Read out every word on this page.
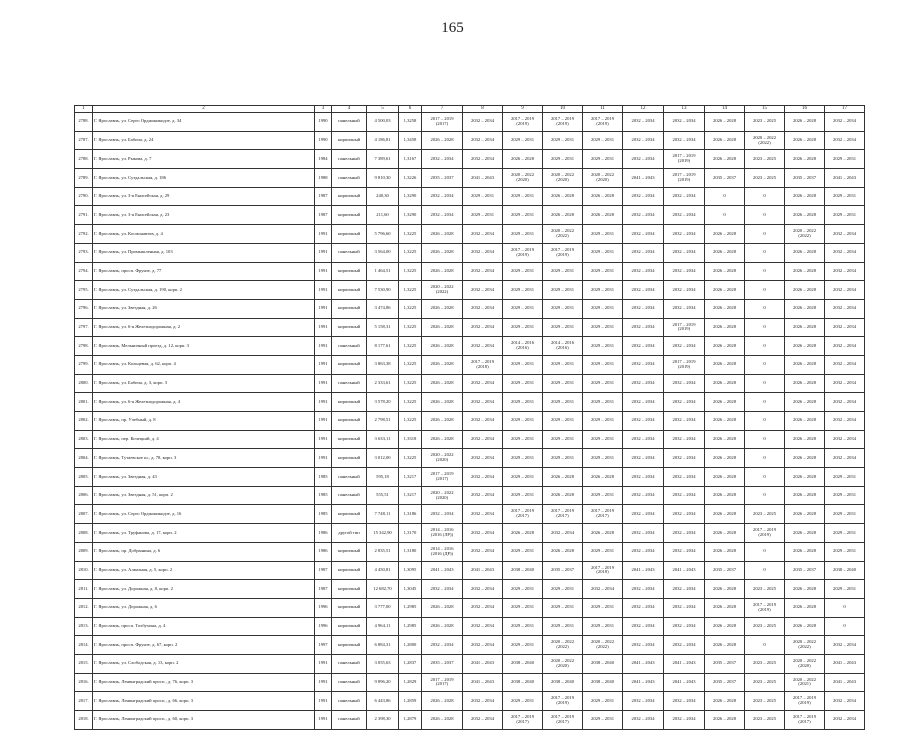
165
1	2	3	4	5	6	7	8	9	10	11	12	13	14	15	16	17
2788.	Г. Ярославль, ул. Серго Орджоникидзе, д. 34	1990	панельный	4 500,03	1,3258	2017 – 2019
(2017)	2032 – 2034	2017 – 2019
(2019)	2017 – 2019
(2019)	2017 – 2019
(2019)	2032 – 2034	2032 – 2034	2026 – 2028	2023 – 2025	2026 – 2028	2032 – 2034
2787.	Г. Ярославль, ул. Бабича, д. 24	1990	кирпичный	4 186,81	1,3458	2026 – 2028	2032 – 2034	2029 – 2031	2029 – 2031	2029 – 2031	2032 – 2034	2032 – 2034	2026 – 2028	2020 – 2022
(2022)	2026 – 2028	2032 – 2034
2788.	Г. Ярославль, ул. Рыкова, д. 7	1984	панельный	7 389,61	1,3167	2032 – 2034	2032 – 2034	2026 – 2028	2029 – 2031	2029 – 2031	2032 – 2034	2017 – 2019
(2019)	2026 – 2028	2023 – 2025	2026 – 2028	2029 – 2031
2789.	Г. Ярославль, ул. Суздальская, д. 186	1988	панельный	9 810,30	1,3226	2035 – 2037	2041 – 2043	2020 – 2022
(2020)	2020 – 2022
(2020)	2020 – 2022
(2020)	2041 – 2043	2017 – 2019
(2019)	2035 – 2037	2023 – 2025	2035 – 2037	2041 – 2043
2790.	Г. Ярославль, ул. 3-я Енисейская, д. 29	1987	кирпичный	240,30	1,3290	2032 – 2034	2029 – 2031	2029 – 2031	2026 – 2028	2026 – 2028	2032 – 2034	2032 – 2034	0	0	2026 – 2028	2029 – 2031
2791.	Г. Ярославль, ул. 3-я Енисейская, д. 23	1987	кирпичный	211,60	1,3290	2032 – 2034	2029 – 2031	2029 – 2031	2026 – 2028	2026 – 2028	2032 – 2034	2032 – 2034	0	0	2026 – 2028	2029 – 2031
2792.	Г. Ярославль, ул. Космонавтов, д. 4	1991	кирпичный	5 796,60	1,3225	2026 – 2028	2032 – 2034	2029 – 2031	2020 – 2022
(2022)	2029 – 2031	2032 – 2034	2032 – 2034	2026 – 2028	0	2020 – 2022
(2022)	2032 – 2034
2793.	Г. Ярославль, ул. Промышленная, д. 103	1991	панельный	3 564,00	1,3225	2026 – 2028	2032 – 2034	2017 – 2019
(2019)	2017 – 2019
(2019)	2029 – 2031	2032 – 2034	2032 – 2034	2026 – 2028	0	2026 – 2028	2032 – 2034
2794.	Г. Ярославль, просп. Фрунзе, д. 77	1991	кирпичный	1 464,51	1,3225	2026 – 2028	2032 – 2034	2029 – 2031	2029 – 2031	2029 – 2031	2032 – 2034	2032 – 2034	2026 – 2028	0	2026 – 2028	2032 – 2034
2795.	Г. Ярославль, ул. Суздальская, д. 190, корп. 2	1991	кирпичный	7 530,90	1,3225	2020 – 2022
(2022)	2032 – 2034	2029 – 2031	2029 – 2031	2029 – 2031	2032 – 2034	2032 – 2034	2026 – 2028	0	2026 – 2028	2032 – 2034
2796.	Г. Ярославль, ул. Звездная, д. 26	1991	кирпичный	3 474,86	1,3225	2026 – 2028	2032 – 2034	2029 – 2031	2029 – 2031	2029 – 2031	2032 – 2034	2032 – 2034	2026 – 2028	0	2026 – 2028	2032 – 2034
2797.	Г. Ярославль, ул. 6-я Железнодорожная, д. 2	1991	кирпичный	5 158,31	1,3225	2026 – 2028	2032 – 2034	2029 – 2031	2029 – 2031	2029 – 2031	2032 – 2034	2017 – 2019
(2019)	2026 – 2028	0	2026 – 2028	2032 – 2034
2798.	Г. Ярославль, Мельничный проезд, д. 12, корп. 3	1991	панельный	8 177,61	1,3225	2026 – 2028	2032 – 2034	2014 – 2016
(2016)	2014 – 2016
(2016)	2029 – 2031	2032 – 2034	2032 – 2034	2026 – 2028	0	2026 – 2028	2032 – 2034
2799.	Г. Ярославль, ул. Кольцевая, д. 62, корп. 4	1991	кирпичный	3 863,38	1,3225	2026 – 2028	2017 – 2019
(2018)	2029 – 2031	2029 – 2031	2029 – 2031	2032 – 2034	2017 – 2019
(2019)	2026 – 2028	0	2026 – 2028	2032 – 2034
2800.	Г. Ярославль, ул. Бабича, д. 3, корп. 3	1991	панельный	2 333,61	1,3225	2026 – 2028	2032 – 2034	2029 – 2031	2029 – 2031	2029 – 2031	2032 – 2034	2032 – 2034	2026 – 2028	0	2026 – 2028	2032 – 2034
2801.	Г. Ярославль, ул. 6-я Железнодорожная, д. 4	1991	кирпичный	3 578,20	1,3225	2026 – 2028	2032 – 2034	2029 – 2031	2029 – 2031	2029 – 2031	2032 – 2034	2032 – 2034	2026 – 2028	0	2026 – 2028	2032 – 2034
2802.	Г. Ярославль, пр. Учебный, д. 8	1991	кирпичный	2 798,51	1,3225	2026 – 2028	2032 – 2034	2029 – 2031	2029 – 2031	2029 – 2031	2032 – 2034	2032 – 2034	2026 – 2028	0	2026 – 2028	2032 – 2034
2803.	Г. Ярославль, пер. Кочецкий, д. 4	1991	кирпичный	3 633,11	1,3318	2026 – 2028	2032 – 2034	2029 – 2031	2029 – 2031	2029 – 2031	2032 – 2034	2032 – 2034	2026 – 2028	0	2026 – 2028	2032 – 2034
2804.	Г. Ярославль, Тутаевское ш., д. 78, корп. 3	1991	кирпичный	3 012,00	1,3225	2020 – 2022
(2020)	2032 – 2034	2029 – 2031	2029 – 2031	2029 – 2031	2032 – 2034	2032 – 2034	2026 – 2028	0	2026 – 2028	2032 – 2034
2805.	Г. Ярославль, ул. Звездная, д. 43	1985	панельный	595,18	1,3217	2017 – 2019
(2017)	2032 – 2034	2029 – 2031	2026 – 2028	2026 – 2028	2032 – 2034	2032 – 2034	2026 – 2028	0	2026 – 2028	2029 – 2031
2806.	Г. Ярославль, ул. Звездная, д. 51, корп. 2	1985	панельный	555,51	1,3217	2020 – 2022
(2020)	2032 – 2034	2029 – 2031	2026 – 2028	2029 – 2031	2032 – 2034	2032 – 2034	2026 – 2028	0	2026 – 2028	2029 – 2031
2807.	Г. Ярославль, ул. Серго Орджоникидзе, д. 16	1985	кирпичный	7 748,11	1,3186	2032 – 2034	2032 – 2034	2017 – 2019
(2017)	2017 – 2019
(2017)	2017 – 2019
(2017)	2032 – 2034	2032 – 2034	2026 – 2028	2023 – 2025	2026 – 2028	2029 – 2031
2808.	Г. Ярославль, ул. Труфанова, д. 17, корп. 2	1986	другой тип	15 342,90	1,3170	2014 – 2016
(2016 (ЛР))	2032 – 2034	2026 – 2028	2032 – 2034	2026 – 2028	2032 – 2034	2032 – 2034	2026 – 2028	2017 – 2019
(2019)	2026 – 2028	2029 – 2031
2809.	Г. Ярославль, пр. Добрынина, д. 6	1986	кирпичный	2 835,51	1,3180	2014 – 2016
(2016 (ДР))	2032 – 2034	2029 – 2031	2026 – 2028	2029 – 2031	2032 – 2034	2032 – 2034	2026 – 2028	0	2026 – 2028	2029 – 2031
2810.	Г. Ярославль, ул. Алмазная, д. 5, корп. 2	1987	кирпичный	4 450,81	1,3095	2041 – 2043	2041 – 2043	2038 – 2040	2035 – 2037	2017 – 2019
(2018)	2041 – 2043	2041 – 2043	2035 – 2037	0	2035 – 2037	2038 – 2040
2811.	Г. Ярославль, ул. Дорожная, д. 8, корп. 2	1987	кирпичный	12 682,70	1,3045	2032 – 2034	2032 – 2034	2029 – 2031	2029 – 2031	2032 – 2034	2032 – 2034	2032 – 2034	2026 – 2028	2023 – 2025	2026 – 2028	2029 – 2031
2812.	Г. Ярославль, ул. Дорожная, д. 6	1996	кирпичный	3 777,00	1,2985	2026 – 2028	2032 – 2034	2029 – 2031	2029 – 2031	2029 – 2031	2032 – 2034	2032 – 2034	2026 – 2028	2017 – 2019
(2019)	2026 – 2028	0
2813.	Г. Ярославль, просп. Толбухина, д. 4	1996	кирпичный	4 964,11	1,2985	2026 – 2028	2032 – 2034	2029 – 2031	2029 – 2031	2029 – 2031	2032 – 2034	2032 – 2034	2026 – 2028	2023 – 2025	2026 – 2028	0
2814.	Г. Ярославль, просп. Фрунзе, д. 67, корп. 2	1997	кирпичный	6 884,31	1,2800	2032 – 2034	2032 – 2034	2029 – 2031	2020 – 2022
(2022)	2020 – 2022
(2022)	2032 – 2034	2032 – 2034	2026 – 2028	0	2020 – 2022
(2022)	2032 – 2034
2815.	Г. Ярославль, ул. Слободская, д. 13, корп. 2	1991	панельный	3 055,63	1,2837	2035 – 2037	2041 – 2043	2038 – 2040	2020 – 2022
(2020)	2038 – 2040	2041 – 2043	2041 – 2043	2035 – 2037	2023 – 2025	2020 – 2022
(2020)	2041 – 2043
2816.	Г. Ярославль, Ленинградский просп., д. 76, корп. 3	1991	панельный	9 896,20	1,2829	2017 – 2019
(2017)	2041 – 2043	2038 – 2040	2038 – 2040	2038 – 2040	2041 – 2043	2041 – 2043	2035 – 2037	2023 – 2025	2020 – 2022
(2021)	2041 – 2043
2817.	Г. Ярославль, Ленинградский просп., д. 66, корп. 3	1991	панельный	6 443,86	1,2859	2026 – 2028	2032 – 2034	2029 – 2031	2017 – 2019
(2019)	2029 – 2031	2032 – 2034	2032 – 2034	2026 – 2028	2023 – 2025	2017 – 2019
(2019)	2032 – 2034
2818.	Г. Ярославль, Ленинградский просп., д. 60, корп. 3	1991	панельный	2 398,30	1,2879	2026 – 2028	2032 – 2034	2017 – 2019
(2017)	2017 – 2019
(2017)	2029 – 2031	2032 – 2034	2032 – 2034	2026 – 2028	2023 – 2025	2017 – 2019
(2017)	2032 – 2034
